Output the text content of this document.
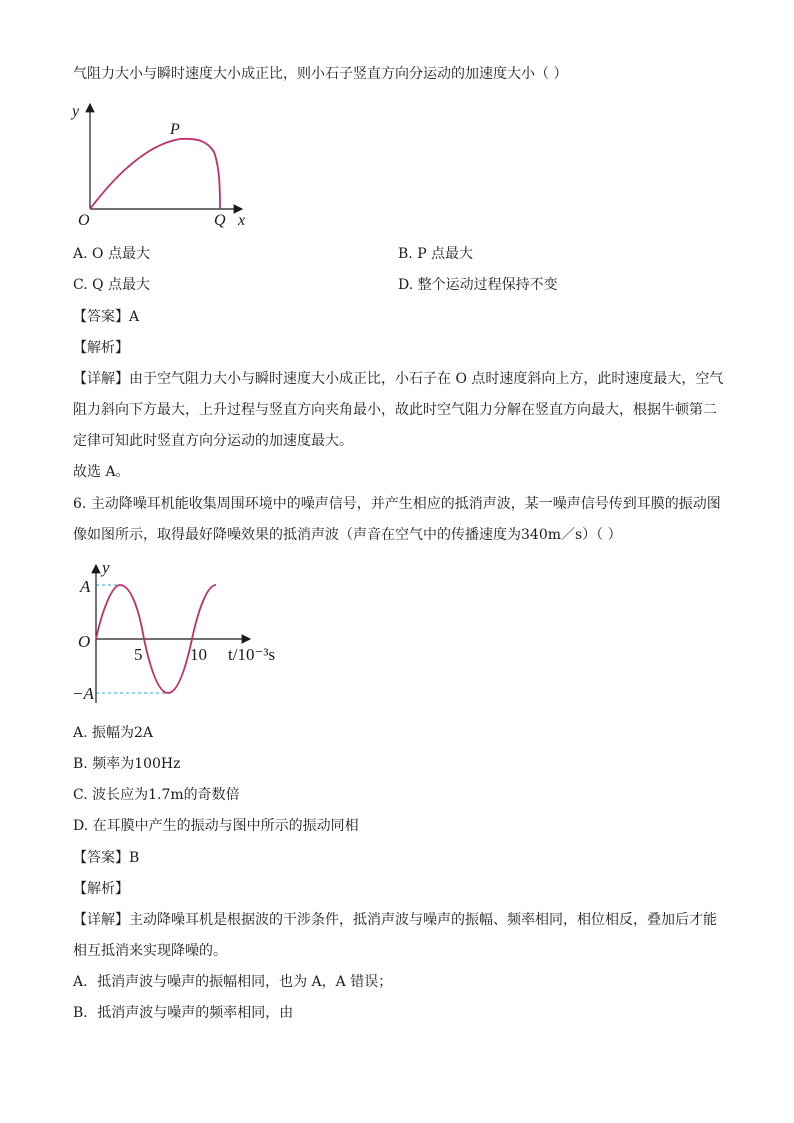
气阻力大小与瞬时速度大小成正比，则小石子竖直方向分运动的加速度大小（ ）
y
P
O	Q x
A. O 点最大	B. P 点最大
C. Q 点最大	D. 整个运动过程保持不变
【答案】A
【解析】
【详解】由于空气阻力大小与瞬时速度大小成正比，小石子在 O 点时速度斜向上方，此时速度最大，空气
阻力斜向下方最大，上升过程与竖直方向夹角最小，故此时空气阻力分解在竖直方向最大，根据牛顿第二
定律可知此时竖直方向分运动的加速度最大。
故选 A。
6. 主动降噪耳机能收集周围环境中的噪声信号，并产生相应的抵消声波，某一噪声信号传到耳膜的振动图
像如图所示，取得最好降噪效果的抵消声波（声音在空气中的传播速度为340m／s）（ ）
y
A
O
−A
5	10 t/10⁻³s
A. 振幅为2A
B. 频率为100Hz
C. 波长应为1.7m的奇数倍
D. 在耳膜中产生的振动与图中所示的振动同相
【答案】B
【解析】
【详解】主动降噪耳机是根据波的干涉条件，抵消声波与噪声的振幅、频率相同，相位相反，叠加后才能
相互抵消来实现降噪的。
A．抵消声波与噪声的振幅相同，也为 A，A 错误；
B．抵消声波与噪声的频率相同，由
